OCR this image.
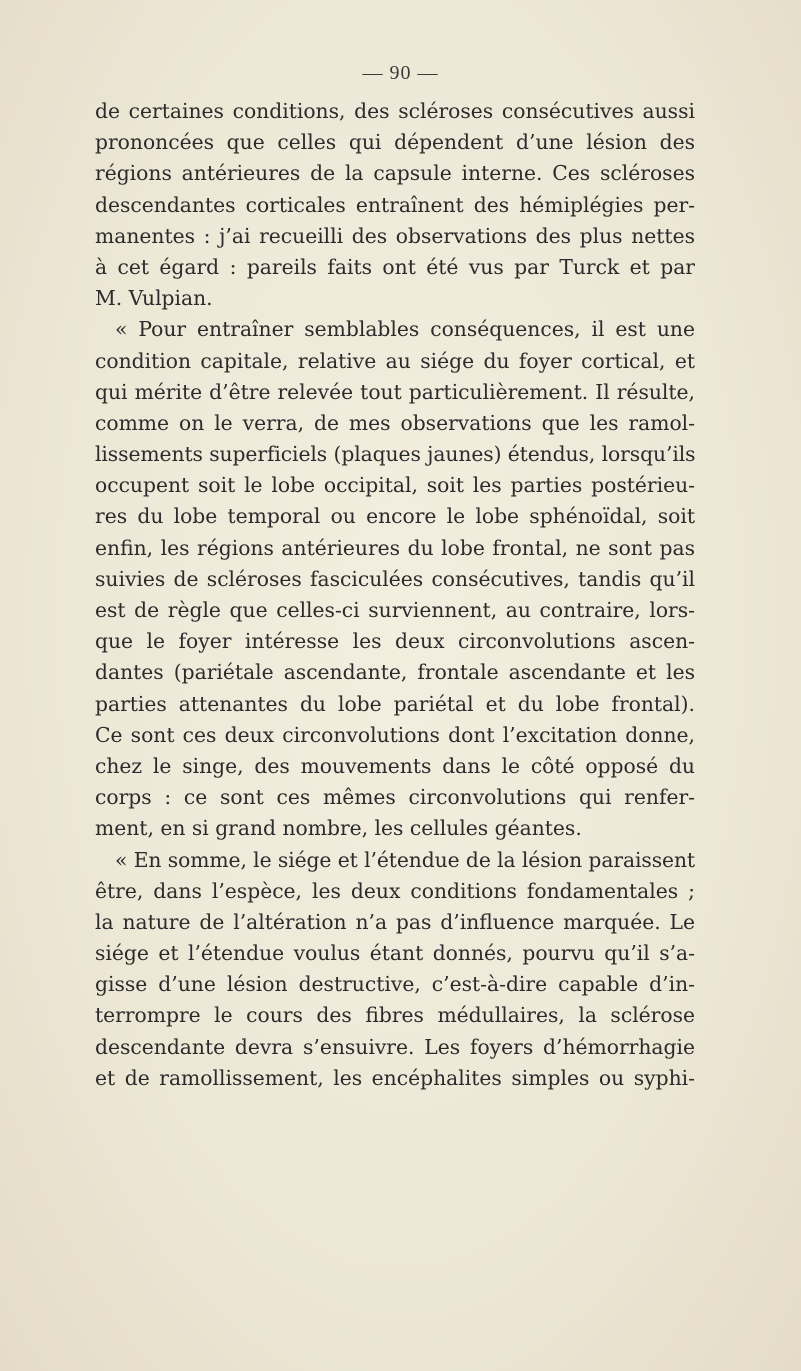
— 90 —
de certaines conditions, des scléroses consécutives aussi
prononcées que celles qui dépendent d’une lésion des
régions antérieures de la capsule interne. Ces scléroses
descendantes corticales entraînent des hémiplégies per-
manentes : j’ai recueilli des observations des plus nettes
à cet égard : pareils faits ont été vus par Turck et par
M. Vulpian.
« Pour entraîner semblables conséquences, il est une
condition capitale, relative au siége du foyer cortical, et
qui mérite d’être relevée tout particulièrement. Il résulte,
comme on le verra, de mes observations que les ramol-
lissements superficiels (plaques jaunes) étendus, lorsqu’ils
occupent soit le lobe occipital, soit les parties postérieu-
res du lobe temporal ou encore le lobe sphénoïdal, soit
enfin, les régions antérieures du lobe frontal, ne sont pas
suivies de scléroses fasciculées consécutives, tandis qu’il
est de règle que celles-ci surviennent, au contraire, lors-
que le foyer intéresse les deux circonvolutions ascen-
dantes (pariétale ascendante, frontale ascendante et les
parties attenantes du lobe pariétal et du lobe frontal).
Ce sont ces deux circonvolutions dont l’excitation donne,
chez le singe, des mouvements dans le côté opposé du
corps : ce sont ces mêmes circonvolutions qui renfer-
ment, en si grand nombre, les cellules géantes.
« En somme, le siége et l’étendue de la lésion paraissent
être, dans l’espèce, les deux conditions fondamentales ;
la nature de l’altération n’a pas d’influence marquée. Le
siége et l’étendue voulus étant donnés, pourvu qu’il s’a-
gisse d’une lésion destructive, c’est-à-dire capable d’in-
terrompre le cours des fibres médullaires, la sclérose
descendante devra s’ensuivre. Les foyers d’hémorrhagie
et de ramollissement, les encéphalites simples ou syphi-
